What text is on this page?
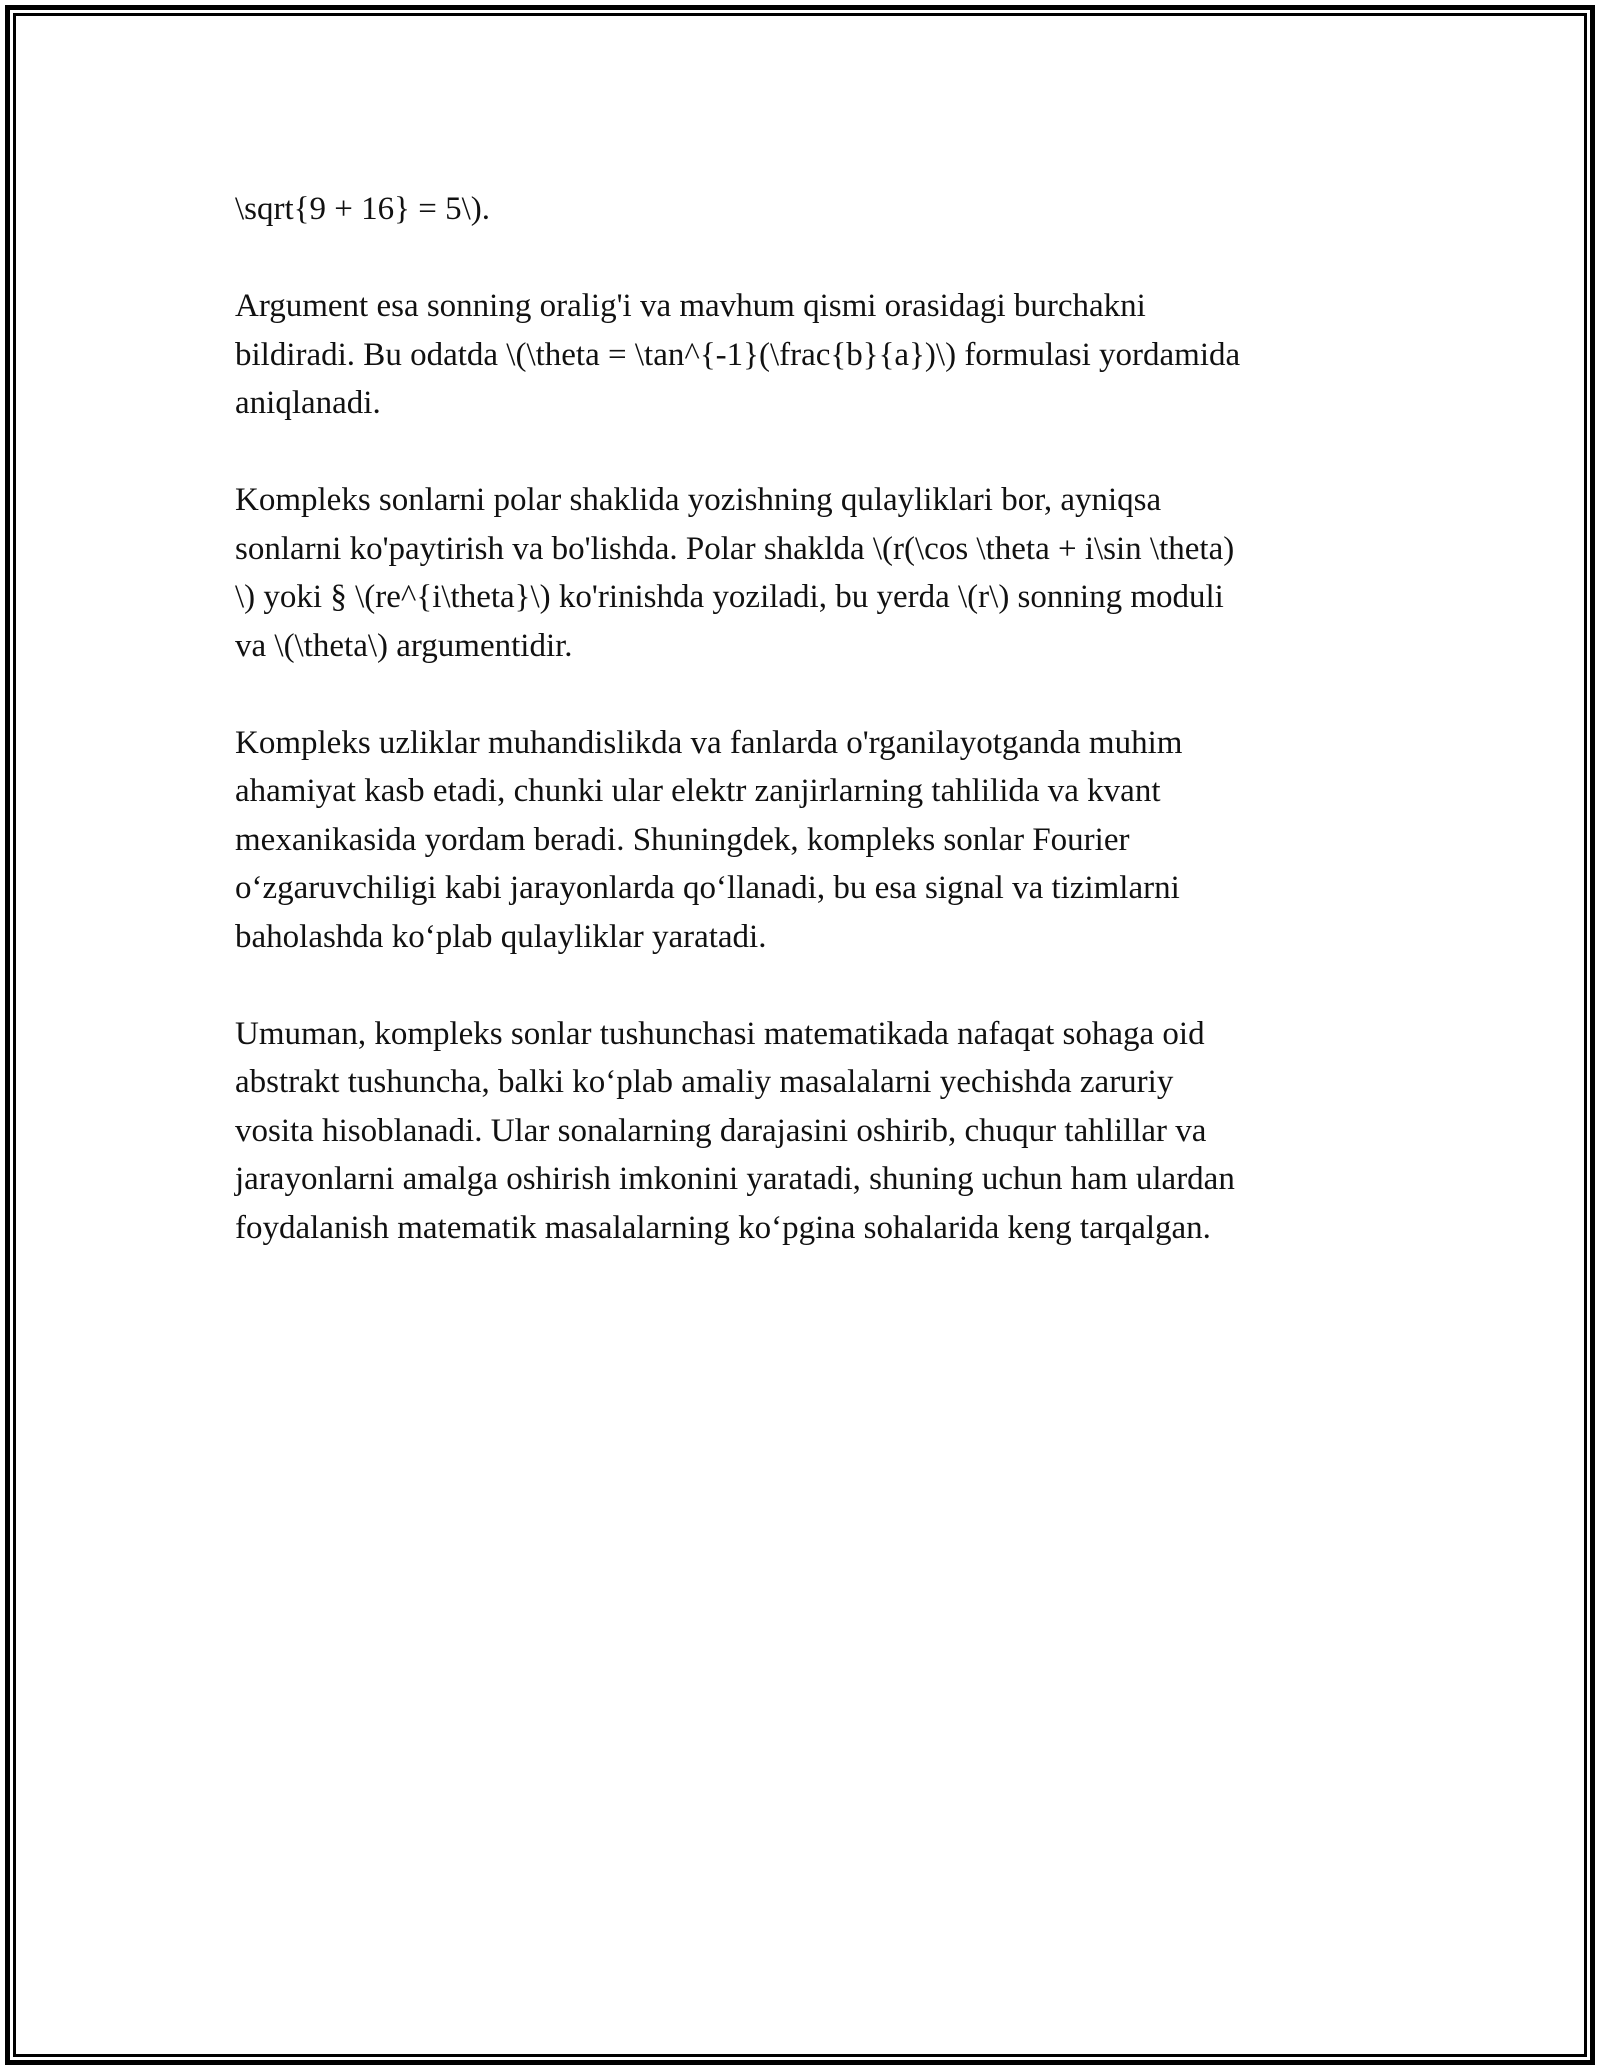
\sqrt{9 + 16} = 5\).

Argument esa sonning oralig'i va mavhum qismi orasidagi burchakni
bildiradi. Bu odatda \(\theta = \tan^{-1}(\frac{b}{a})\) formulasi yordamida
aniqlanadi.

Kompleks sonlarni polar shaklida yozishning qulayliklari bor, ayniqsa
sonlarni ko'paytirish va bo'lishda. Polar shaklda \(r(\cos \theta + i\sin \theta)
\) yoki § \(re^{i\theta}\) ko'rinishda yoziladi, bu yerda \(r\) sonning moduli
va \(\theta\) argumentidir.

Kompleks uzliklar muhandislikda va fanlarda o'rganilayotganda muhim
ahamiyat kasb etadi, chunki ular elektr zanjirlarning tahlilida va kvant
mexanikasida yordam beradi. Shuningdek, kompleks sonlar Fourier
o‘zgaruvchiligi kabi jarayonlarda qo‘llanadi, bu esa signal va tizimlarni
baholashda ko‘plab qulayliklar yaratadi.

Umuman, kompleks sonlar tushunchasi matematikada nafaqat sohaga oid
abstrakt tushuncha, balki ko‘plab amaliy masalalarni yechishda zaruriy
vosita hisoblanadi. Ular sonalarning darajasini oshirib, chuqur tahlillar va
jarayonlarni amalga oshirish imkonini yaratadi, shuning uchun ham ulardan
foydalanish matematik masalalarning ko‘pgina sohalarida keng tarqalgan.
